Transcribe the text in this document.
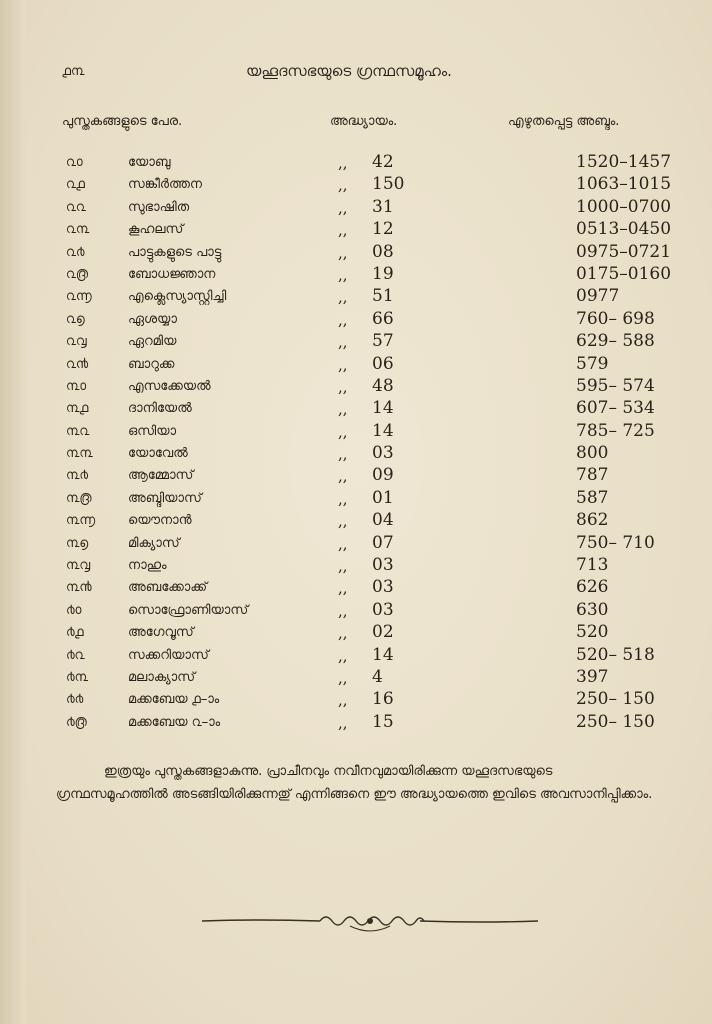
൧൩	യഹൂദസഭയുടെ ഗ്രന്ഥസമൂഹം.
പുസ്തകങ്ങളുടെ പേര.	അദ്ധ്യായം.	എഴുതപ്പെട്ട അബ്ദം.
൨൦	യോബു	,, 42	1520–1457
൨൧	സങ്കീർത്തന	,, 150	1063–1015
൨൨	സുഭാഷിത	,, 31	1000–0700
൨൩	കൂഹലസ്	,, 12	0513–0450
൨൪	പാട്ടുകളുടെ പാട്ടു	,, 08	0975–0721
൨൫	ബോധജ്ഞാന	,, 19	0175–0160
൨൬	എക്ലെസ്യാസ്റ്റിച്ചി	,, 51	0977
൨൭	ഏശയ്യാ	,, 66	760– 698
൨൮	ഏറമിയ	,, 57	629– 588
൨൯	ബാറുക്ക	,, 06	579
൩൦	എസക്കേയൽ	,, 48	595– 574
൩൧	ദാനിയേൽ	,, 14	607– 534
൩൨	ഒസിയാ	,, 14	785– 725
൩൩	യോവേൽ	,, 03	800
൩൪	ആമ്മോസ്	,, 09	787
൩൫	അബ്ദിയാസ്	,, 01	587
൩൬	യൌനാൻ	,, 04	862
൩൭	മിക്യാസ്	,, 07	750– 710
൩൮	നാഹും	,, 03	713
൩൯	അബക്കോക്ക്	,, 03	626
൪൦	സൊഫ്രോണിയാസ്	,, 03	630
൪൧	അഗേവൂസ്	,, 02	520
൪൨	സക്കറിയാസ്	,, 14	520– 518
൪൩	മലാക്യാസ്	,, 4	397
൪൪	മക്കബേയ ൧–ാം	,, 16	250– 150
൪൫	മക്കബേയ ൨–ാം	,, 15	250– 150
ഇത്രയും പുസ്തകങ്ങളാകുന്നു. പ്രാചീനവും നവീനവുമായിരിക്കുന്ന യഹൂദസഭയുടെ ഗ്രന്ഥസമൂഹത്തിൽ അടങ്ങിയിരിക്കുന്നതു് എന്നിങ്ങനെ ഈ അദ്ധ്യായത്തെ ഇവിടെ അവസാനിപ്പിക്കാം.
